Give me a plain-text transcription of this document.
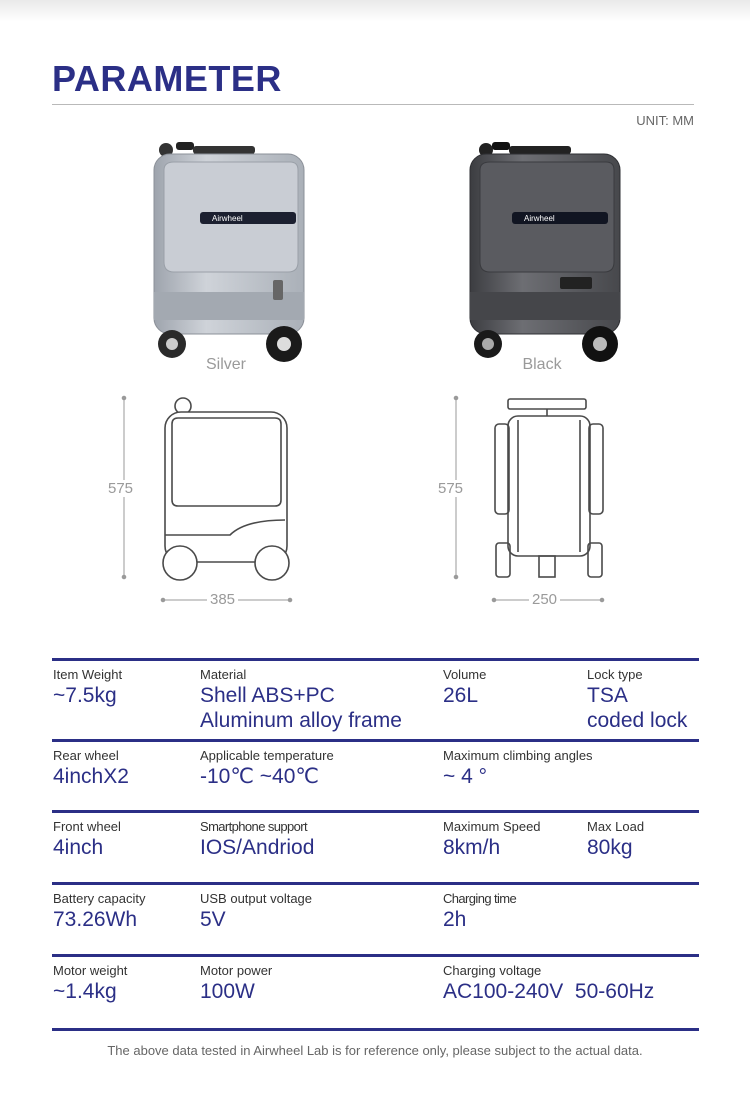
PARAMETER
UNIT: MM
Airwheel
Silver
Airwheel
Black
575
385
575
250
Item Weight
~7.5kg
Material
Shell ABS+PC
Aluminum alloy frame
Volume
26L
Lock type
TSA
coded lock
Rear wheel
4inchX2
Applicable temperature
-10℃ ~40℃
Maximum climbing angles
~ 4 °
Front wheel
4inch
Smartphone support
IOS/Andriod
Maximum Speed
8km/h
Max Load
80kg
Battery capacity
73.26Wh
USB output voltage
5V
Charging time
2h
Motor weight
~1.4kg
Motor power
100W
Charging voltage
AC100-240V  50-60Hz
The above data tested in Airwheel Lab is for reference only, please subject to the actual data.
